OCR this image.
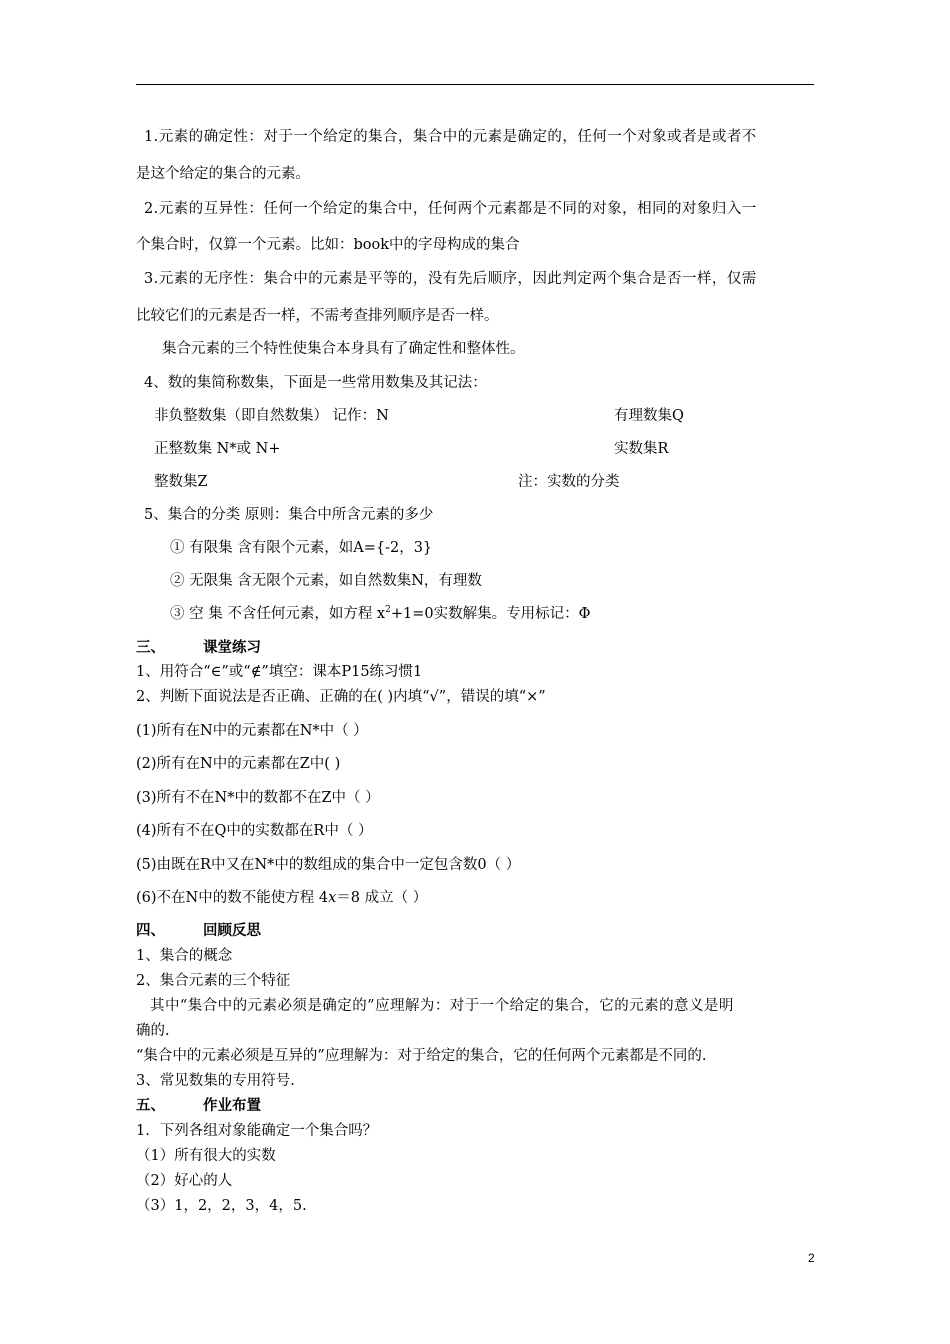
1.元素的确定性：对于一个给定的集合，集合中的元素是确定的，任何一个对象或者是或者不
是这个给定的集合的元素。
2.元素的互异性：任何一个给定的集合中，任何两个元素都是不同的对象，相同的对象归入一
个集合时，仅算一个元素。比如：book中的字母构成的集合
3.元素的无序性：集合中的元素是平等的，没有先后顺序，因此判定两个集合是否一样，仅需
比较它们的元素是否一样，不需考查排列顺序是否一样。
集合元素的三个特性使集合本身具有了确定性和整体性。
4、数的集简称数集，下面是一些常用数集及其记法：
非负整数集（即自然数集） 记作：N	有理数集Q
正整数集 N*或 N+	实数集R
整数集Z	注：实数的分类
5、集合的分类 原则：集合中所含元素的多少
① 有限集 含有限个元素，如A={-2，3}
② 无限集 含无限个元素，如自然数集N，有理数
③ 空 集 不含任何元素，如方程 $x^2+1=0$实数解集。专用标记：Φ
三、	课堂练习
1、用符合“∈”或“∉”填空：课本P15练习惯1
2、判断下面说法是否正确、正确的在( )内填“√”，错误的填“×”
(1)所有在N中的元素都在N*中（ ）
(2)所有在N中的元素都在Z中( )
(3)所有不在N*中的数都不在Z中（ ）
(4)所有不在Q中的实数都在R中（ ）
(5)由既在R中又在N*中的数组成的集合中一定包含数0（ ）
(6)不在N中的数不能使方程 4x＝8 成立（ ）
四、	回顾反思
1、集合的概念
2、集合元素的三个特征
其中“集合中的元素必须是确定的”应理解为：对于一个给定的集合，它的元素的意义是明
确的.
“集合中的元素必须是互异的”应理解为：对于给定的集合，它的任何两个元素都是不同的.
3、常见数集的专用符号.
五、	作业布置
1．下列各组对象能确定一个集合吗？
（1）所有很大的实数
（2）好心的人
（3）1，2，2，3，4，5.
2
